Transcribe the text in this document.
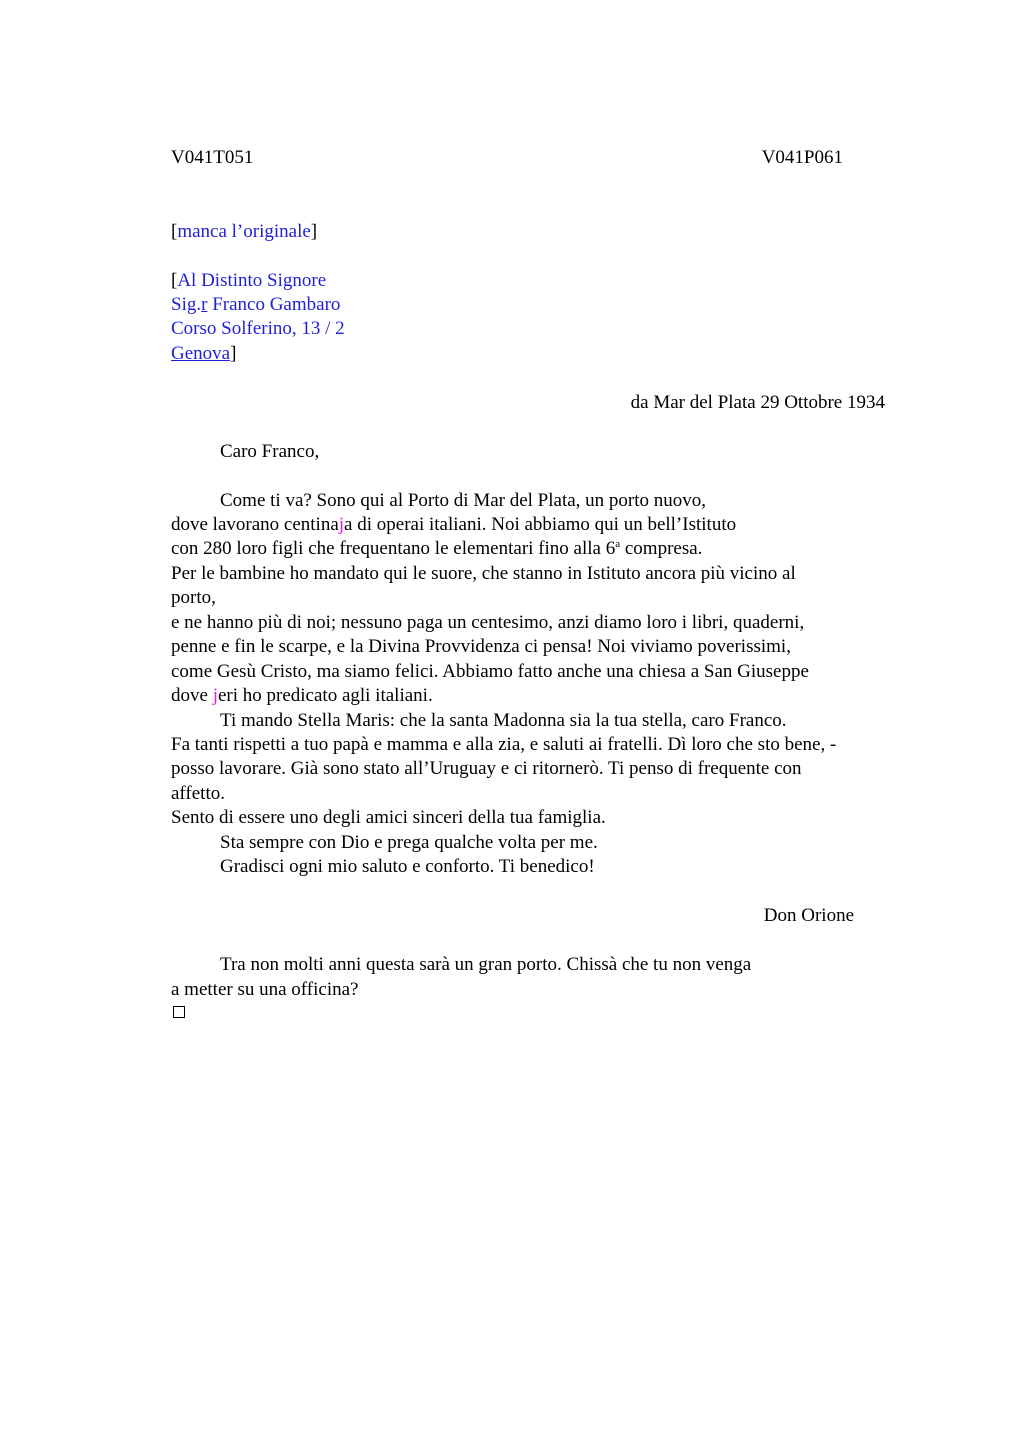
V041T051	V041P061
[manca l’originale]
[Al Distinto Signore
Sig.r Franco Gambaro
Corso Solferino, 13 / 2
Genova]
da Mar del Plata 29 Ottobre 1934
Caro Franco,
Come ti va? Sono qui al Porto di Mar del Plata, un porto nuovo,
dove lavorano centinaja di operai italiani. Noi abbiamo qui un bell’Istituto
con 280 loro figli che frequentano le elementari fino alla 6$^a$ compresa.
Per le bambine ho mandato qui le suore, che stanno in Istituto ancora più vicino al
porto,
e ne hanno più di noi; nessuno paga un centesimo, anzi diamo loro i libri, quaderni,
penne e fin le scarpe, e la Divina Provvidenza ci pensa! Noi viviamo poverissimi,
come Gesù Cristo, ma siamo felici. Abbiamo fatto anche una chiesa a San Giuseppe
dove jeri ho predicato agli italiani.
Ti mando Stella Maris: che la santa Madonna sia la tua stella, caro Franco.
Fa tanti rispetti a tuo papà e mamma e alla zia, e saluti ai fratelli. Dì loro che sto bene, -
posso lavorare. Già sono stato all’Uruguay e ci ritornerò. Ti penso di frequente con
affetto.
Sento di essere uno degli amici sinceri della tua famiglia.
Sta sempre con Dio e prega qualche volta per me.
Gradisci ogni mio saluto e conforto. Ti benedico!
Don Orione
Tra non molti anni questa sarà un gran porto. Chissà che tu non venga
a metter su una officina?
